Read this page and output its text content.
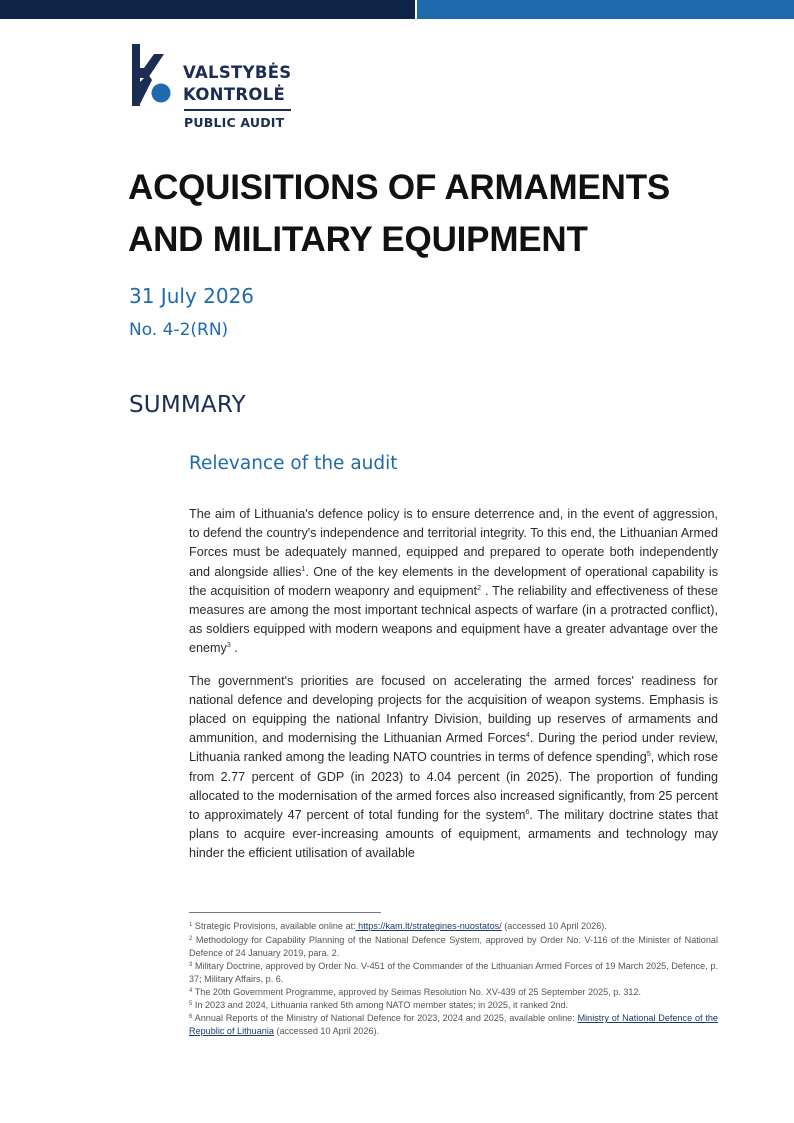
VALSTYBĖS
KONTROLĖ
PUBLIC AUDIT
ACQUISITIONS OF ARMAMENTS AND MILITARY EQUIPMENT
31 July 2026
No. 4-2(RN)
SUMMARY
Relevance of the audit

The aim of Lithuania's defence policy is to ensure deterrence and, in the event of aggression, to defend the country's independence and territorial integrity. To this end, the Lithuanian Armed Forces must be adequately manned, equipped and prepared to operate both independently and alongside allies$^1$. One of the key elements in the development of operational capability is the acquisition of modern weaponry and equipment$^2$ . The reliability and effectiveness of these measures are among the most important technical aspects of warfare (in a protracted conflict), as soldiers equipped with modern weapons and equipment have a greater advantage over the enemy$^3$ .

The government's priorities are focused on accelerating the armed forces' readiness for national defence and developing projects for the acquisition of weapon systems. Emphasis is placed on equipping the national Infantry Division, building up reserves of armaments and ammunition, and modernising the Lithuanian Armed Forces$^4$. During the period under review, Lithuania ranked among the leading NATO countries in terms of defence spending$^5$, which rose from 2.77 percent of GDP (in 2023) to 4.04 percent (in 2025). The proportion of funding allocated to the modernisation of the armed forces also increased significantly, from 25 percent to approximately 47 percent of total funding for the system$^6$. The military doctrine states that plans to acquire ever-increasing amounts of equipment, armaments and technology may hinder the efficient utilisation of available

$^1$ Strategic Provisions, available online at: https://kam.lt/strategines-nuostatos/ (accessed 10 April 2026).

$^2$ Methodology for Capability Planning of the National Defence System, approved by Order No. V-116 of the Minister of National Defence of 24 January 2019, para. 2.

$^3$ Military Doctrine, approved by Order No. V-451 of the Commander of the Lithuanian Armed Forces of 19 March 2025, Defence, p. 37; Military Affairs, p. 6.

$^4$ The 20th Government Programme, approved by Seimas Resolution No. XV-439 of 25 September 2025, p. 312.

$^5$ In 2023 and 2024, Lithuania ranked 5th among NATO member states; in 2025, it ranked 2nd.

$^6$ Annual Reports of the Ministry of National Defence for 2023, 2024 and 2025, available online: Ministry of National Defence of the Republic of Lithuania (accessed 10 April 2026).
